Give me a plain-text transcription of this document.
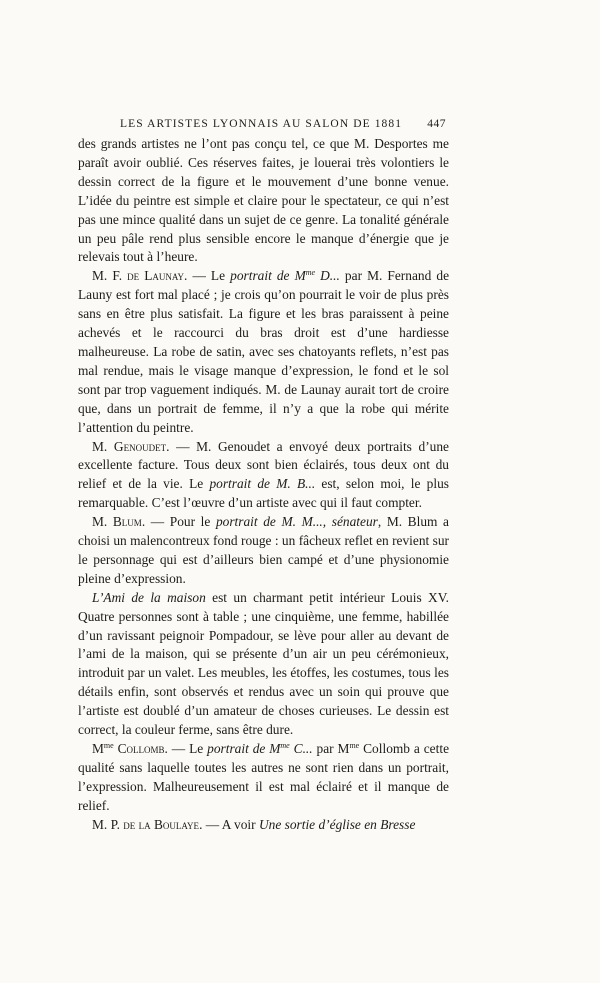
LES ARTISTES LYONNAIS AU SALON DE 1881 447

des grands artistes ne l’ont pas conçu tel, ce que M. Desportes me paraît avoir oublié. Ces réserves faites, je louerai très volontiers le dessin correct de la figure et le mouvement d’une bonne venue. L’idée du peintre est simple et claire pour le spectateur, ce qui n’est pas une mince qualité dans un sujet de ce genre. La tonalité générale un peu pâle rend plus sensible encore le manque d’énergie que je relevais tout à l’heure.

M. F. de Launay. — Le portrait de $M^{me}$ D... par M. Fernand de Launy est fort mal placé ; je crois qu’on pourrait le voir de plus près sans en être plus satisfait. La figure et les bras paraissent à peine achevés et le raccourci du bras droit est d’une hardiesse malheureuse. La robe de satin, avec ses chatoyants reflets, n’est pas mal rendue, mais le visage manque d’expression, le fond et le sol sont par trop vaguement indiqués. M. de Launay aurait tort de croire que, dans un portrait de femme, il n’y a que la robe qui mérite l’attention du peintre.

M. Genoudet. — M. Genoudet a envoyé deux portraits d’une excellente facture. Tous deux sont bien éclairés, tous deux ont du relief et de la vie. Le portrait de M. B... est, selon moi, le plus remarquable. C’est l’œuvre d’un artiste avec qui il faut compter.

M. Blum. — Pour le portrait de M. M..., sénateur, M. Blum a choisi un malencontreux fond rouge : un fâcheux reflet en revient sur le personnage qui est d’ailleurs bien campé et d’une physionomie pleine d’expression.

L’Ami de la maison est un charmant petit intérieur Louis XV. Quatre personnes sont à table ; une cinquième, une femme, habillée d’un ravissant peignoir Pompadour, se lève pour aller au devant de l’ami de la maison, qui se présente d’un air un peu cérémonieux, introduit par un valet. Les meubles, les étoffes, les costumes, tous les détails enfin, sont observés et rendus avec un soin qui prouve que l’artiste est doublé d’un amateur de choses curieuses. Le dessin est correct, la couleur ferme, sans être dure.

$M^{me}$ Collomb. — Le portrait de $M^{me}$ C... par $M^{me}$ Collomb a cette qualité sans laquelle toutes les autres ne sont rien dans un portrait, l’expression. Malheureusement il est mal éclairé et il manque de relief.

M. P. de la Boulaye. — A voir Une sortie d’église en Bresse
